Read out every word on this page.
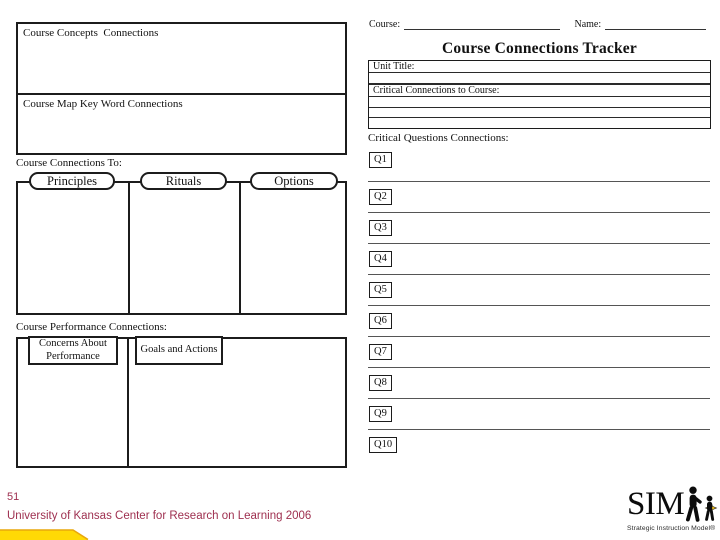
Course Concepts  Connections
Course Map Key Word Connections
Course Connections To:
Principles	Rituals	Options
Course Performance Connections:
Concerns About Performance
Goals and Actions
Course:	Name:
Course Connections Tracker
Unit Title:
Critical Connections to Course:
Critical Questions Connections:
Q1
Q2
Q3
Q4
Q5
Q6
Q7
Q8
Q9
Q10
51
University of Kansas Center for Research on Learning 2006	SIM
Strategic Instruction Model®
